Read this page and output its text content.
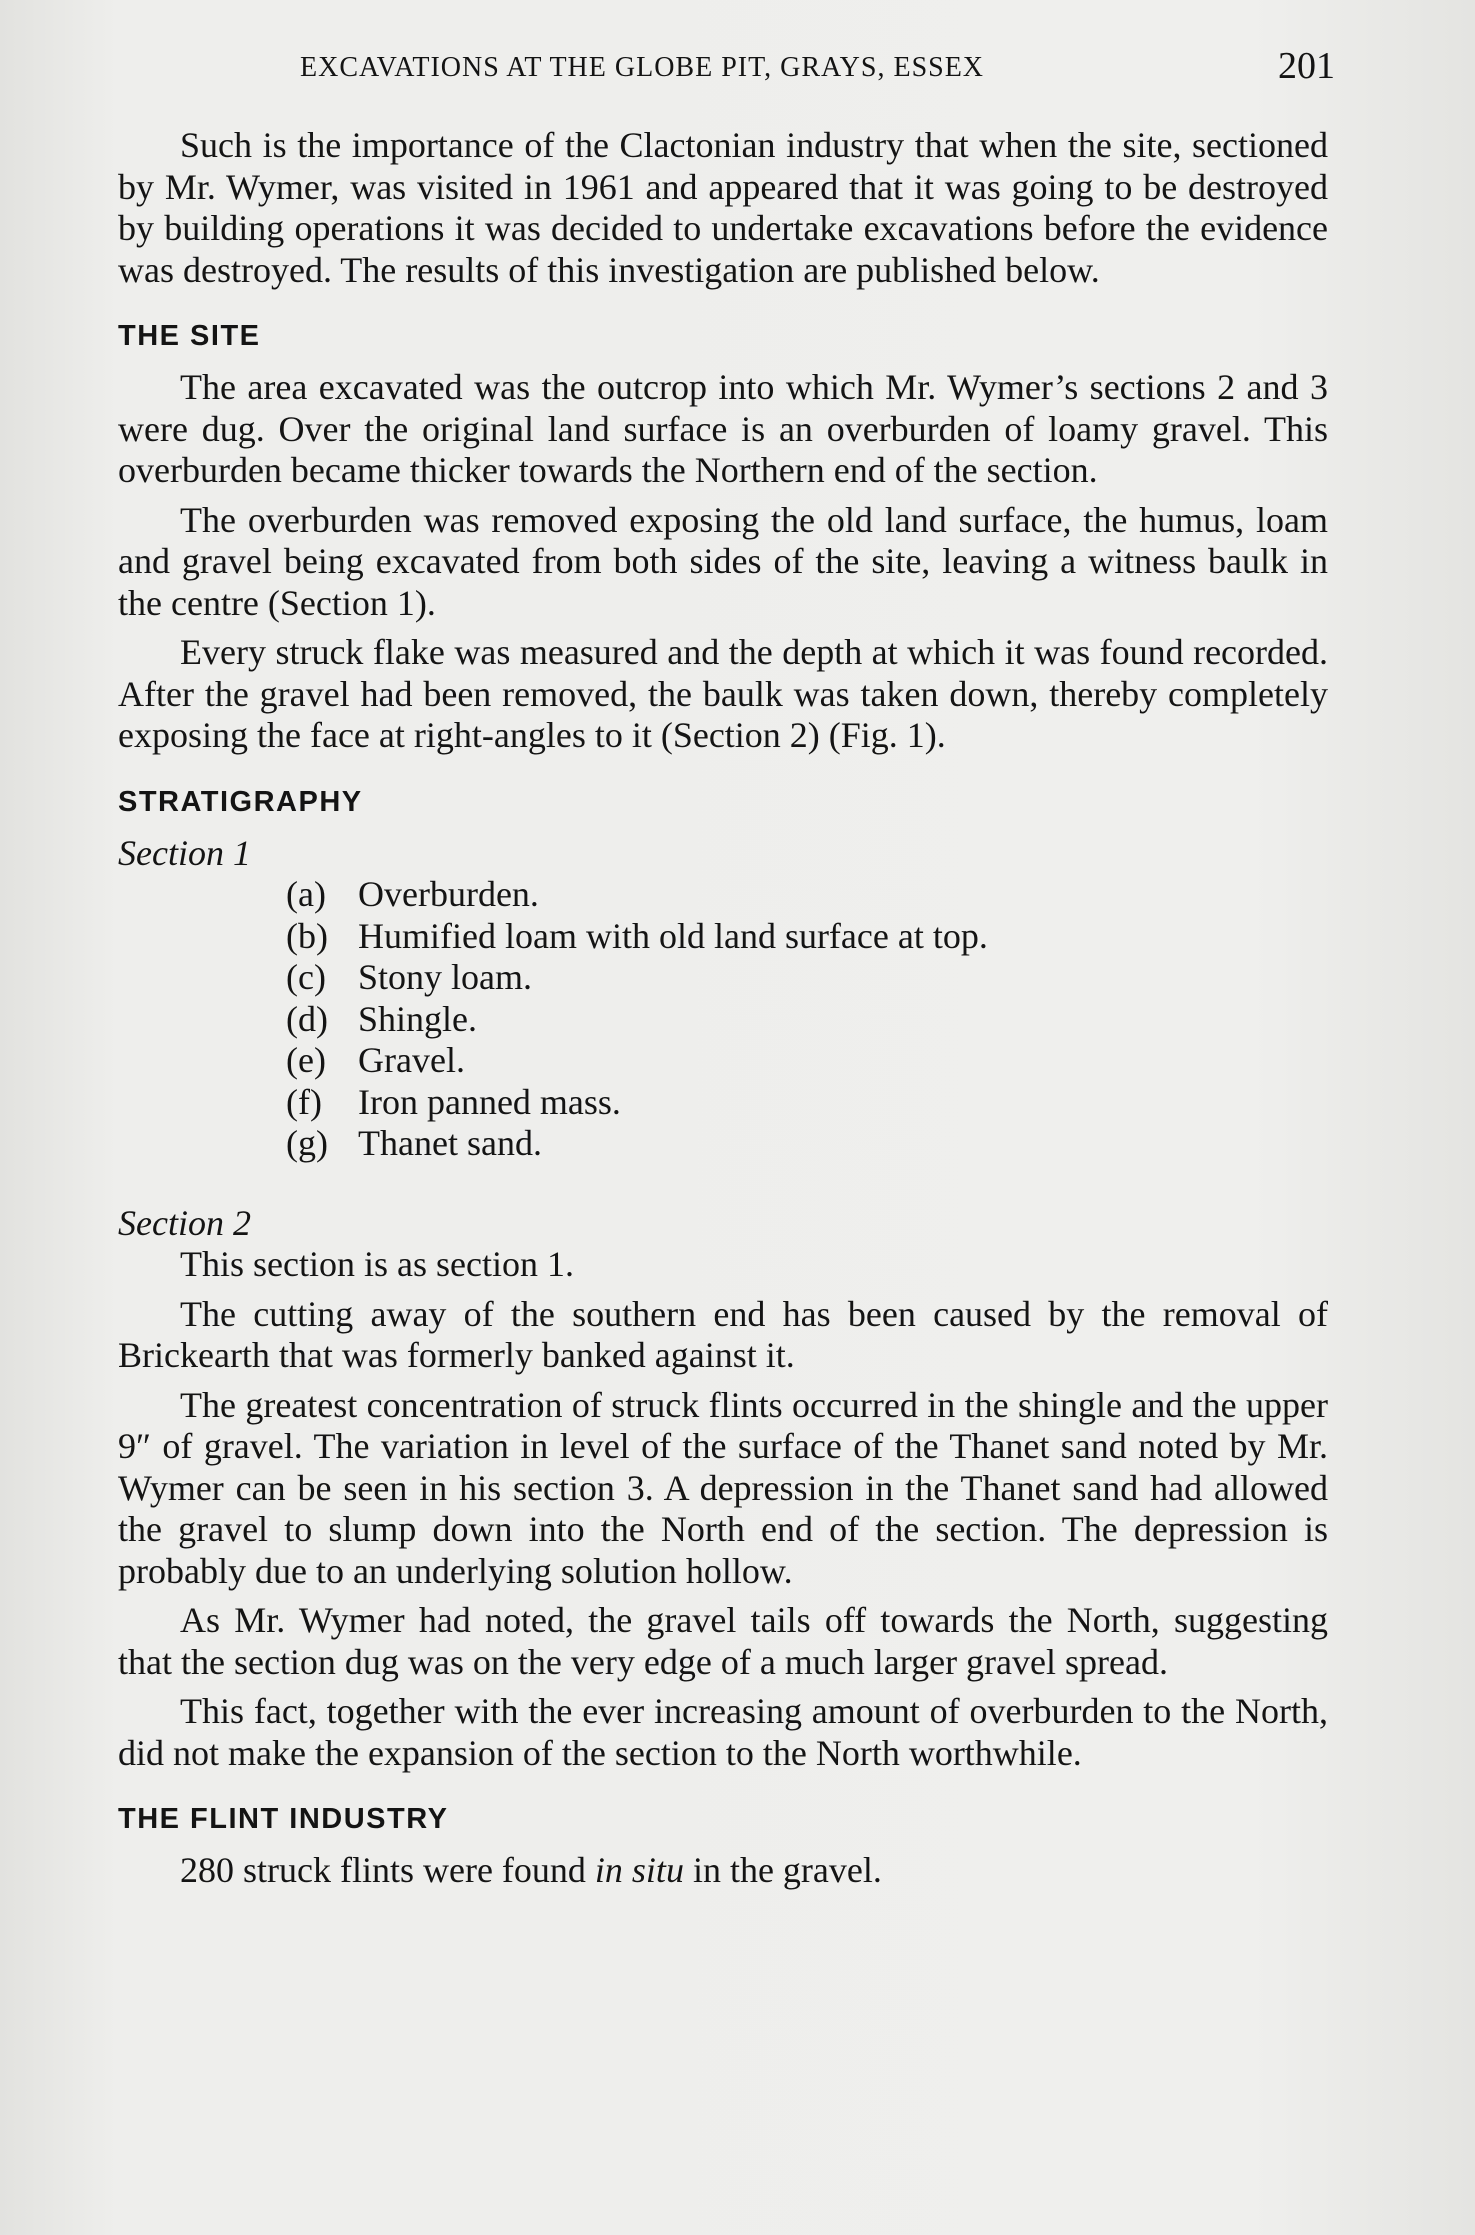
EXCAVATIONS AT THE GLOBE PIT, GRAYS, ESSEX	201

Such is the importance of the Clactonian industry that when the site, sectioned by Mr. Wymer, was visited in 1961 and appeared that it was going to be destroyed by building operations it was decided to undertake excavations before the evidence was destroyed. The results of this investigation are published below.

THE SITE

The area excavated was the outcrop into which Mr. Wymer’s sections 2 and 3 were dug. Over the original land surface is an overburden of loamy gravel. This overburden became thicker towards the Northern end of the section.

The overburden was removed exposing the old land surface, the humus, loam and gravel being excavated from both sides of the site, leaving a witness baulk in the centre (Section 1).

Every struck flake was measured and the depth at which it was found recorded. After the gravel had been removed, the baulk was taken down, thereby completely exposing the face at right-angles to it (Section 2) (Fig. 1).

STRATIGRAPHY
Section 1
(a) Overburden.
(b) Humified loam with old land surface at top.
(c) Stony loam.
(d) Shingle.
(e) Gravel.
(f) Iron panned mass.
(g) Thanet sand.
Section 2

This section is as section 1.

The cutting away of the southern end has been caused by the removal of Brickearth that was formerly banked against it.

The greatest concentration of struck flints occurred in the shingle and the upper 9″ of gravel. The variation in level of the surface of the Thanet sand noted by Mr. Wymer can be seen in his section 3. A depression in the Thanet sand had allowed the gravel to slump down into the North end of the section. The depression is probably due to an underlying solution hollow.

As Mr. Wymer had noted, the gravel tails off towards the North, suggesting that the section dug was on the very edge of a much larger gravel spread.

This fact, together with the ever increasing amount of overburden to the North, did not make the expansion of the section to the North worthwhile.

THE FLINT INDUSTRY

280 struck flints were found in situ in the gravel.
